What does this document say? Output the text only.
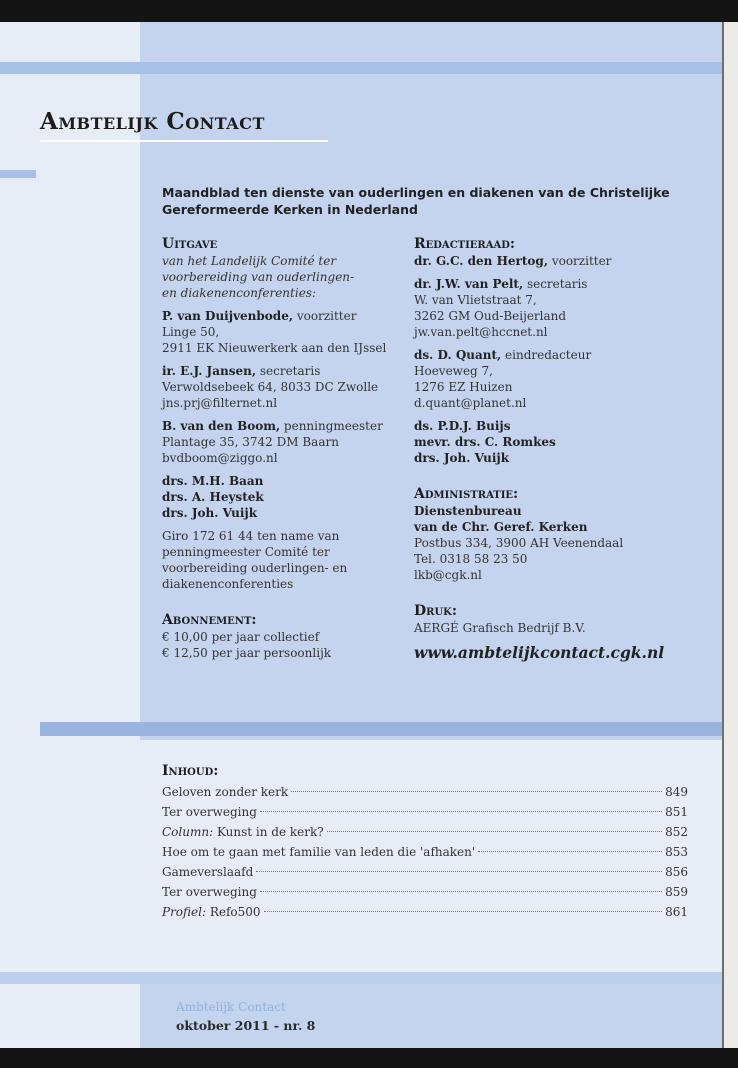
Ambtelijk Contact

Maandblad ten dienste van ouderlingen en diakenen van de Christelijke Gereformeerde Kerken in Nederland

Uitgave
van het Landelijk Comité ter
voorbereiding van ouderlingen-
en diakenenconferenties:
P. van Duijvenbode, voorzitter
Linge 50,
2911 EK Nieuwerkerk aan den IJssel
ir. E.J. Jansen, secretaris
Verwoldsebeek 64, 8033 DC Zwolle
jns.prj@filternet.nl
B. van den Boom, penningmeester
Plantage 35, 3742 DM Baarn
bvdboom@ziggo.nl
drs. M.H. Baan
drs. A. Heystek
drs. Joh. Vuijk
Giro 172 61 44 ten name van
penningmeester Comité ter
voorbereiding ouderlingen- en
diakenenconferenties
Abonnement:
€ 10,00 per jaar collectief
€ 12,50 per jaar persoonlijk
Redactieraad:
dr. G.C. den Hertog, voorzitter
dr. J.W. van Pelt, secretaris
W. van Vlietstraat 7,
3262 GM Oud-Beijerland
jw.van.pelt@hccnet.nl
ds. D. Quant, eindredacteur
Hoeveweg 7,
1276 EZ Huizen
d.quant@planet.nl
ds. P.D.J. Buijs
mevr. drs. C. Romkes
drs. Joh. Vuijk
Administratie:
Dienstenbureau
van de Chr. Geref. Kerken
Postbus 334, 3900 AH Veenendaal
Tel. 0318 58 23 50
lkb@cgk.nl
Druk:
AERGÉ Grafisch Bedrijf B.V.
www.ambtelijkcontact.cgk.nl
Inhoud:
Geloven zonder kerk	849
Ter overweging	851
Column: Kunst in de kerk?	852
Hoe om te gaan met familie van leden die 'afhaken'	853
Gameverslaafd	856
Ter overweging	859
Profiel: Refo500	861
Ambtelijk Contact
oktober 2011 - nr. 8
